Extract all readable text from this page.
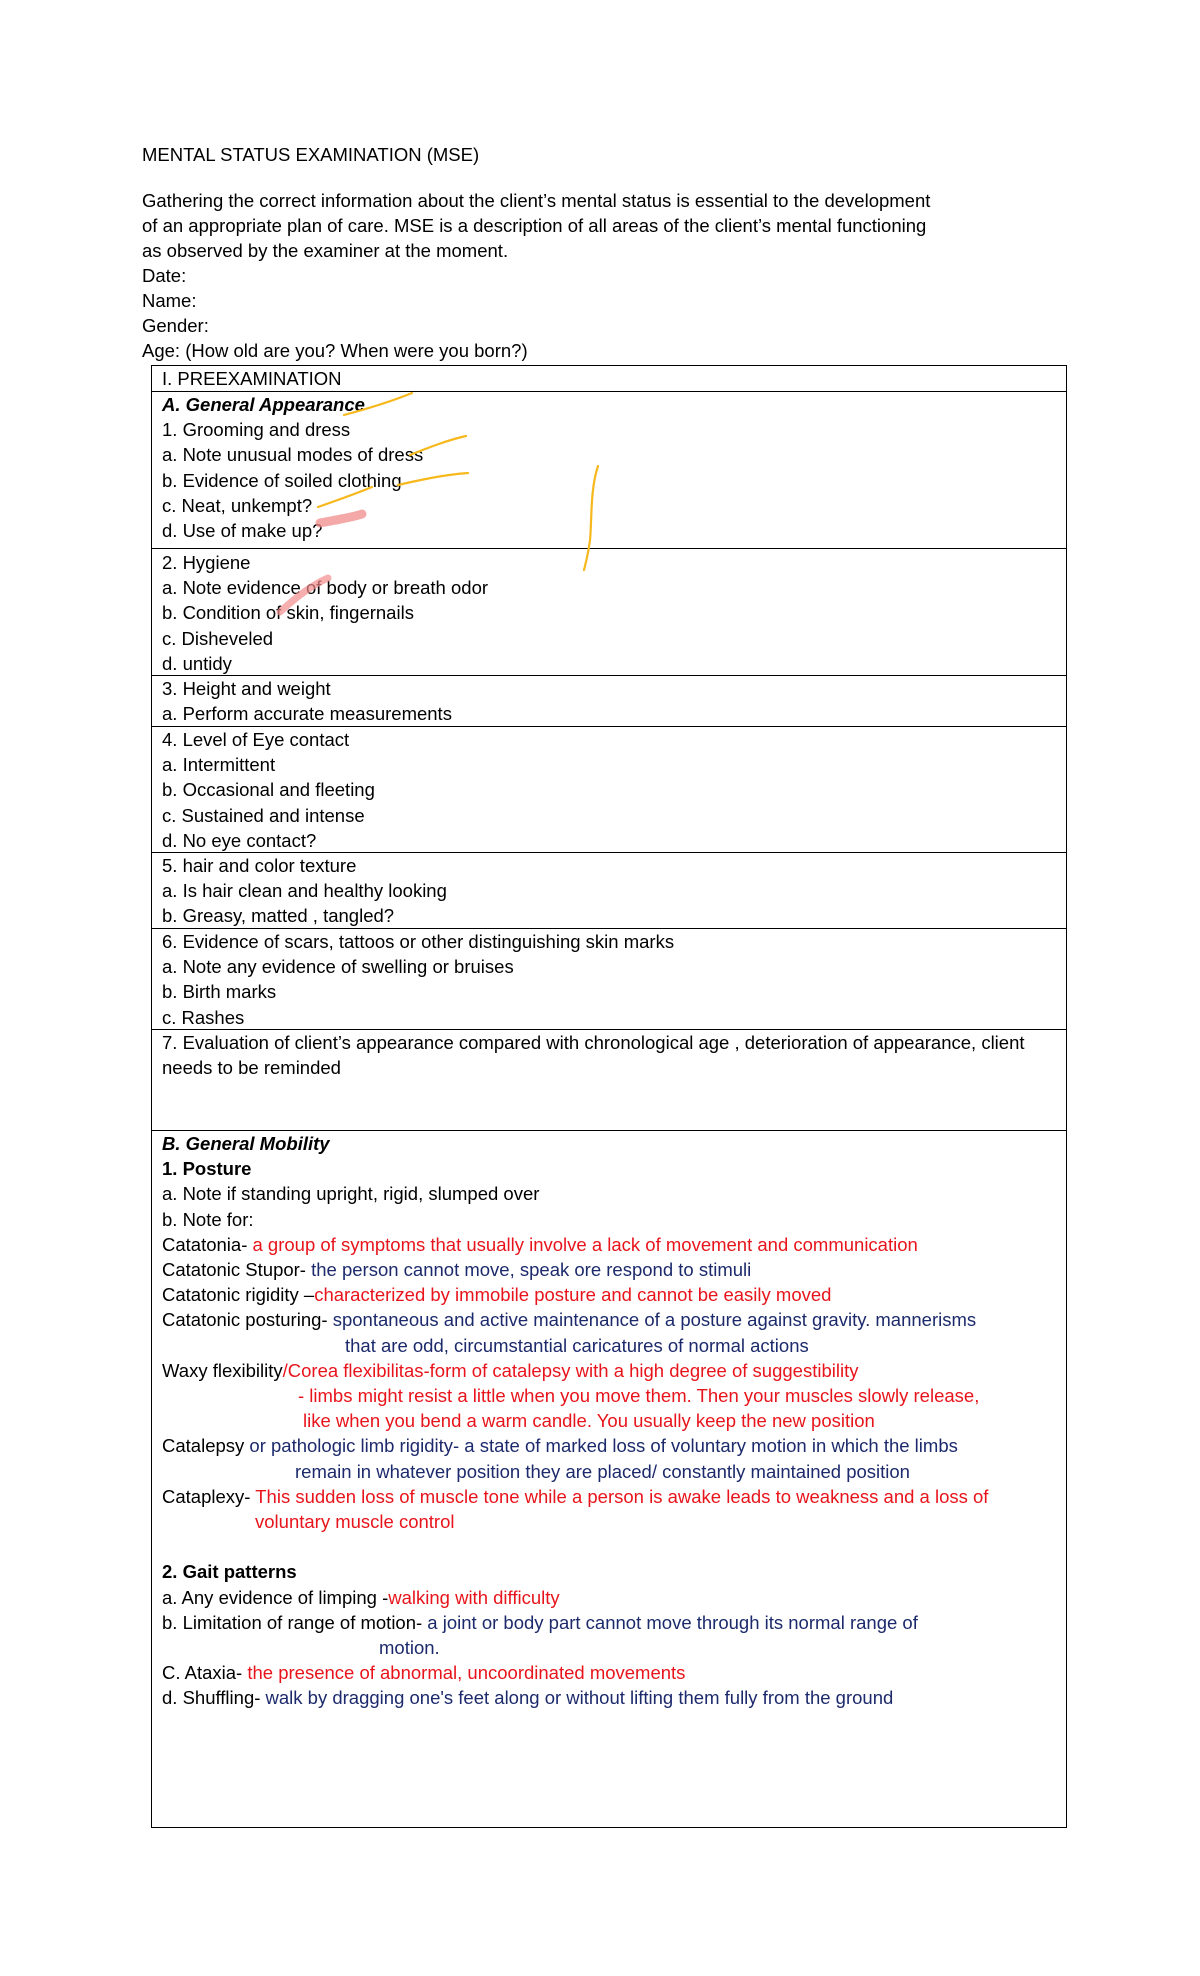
MENTAL STATUS EXAMINATION (MSE)
Gathering the correct information about the client’s mental status is essential to the development
of an appropriate plan of care. MSE is a description of all areas of the client’s mental functioning
as observed by the examiner at the moment.
Date:
Name:
Gender:
Age: (How old are you? When were you born?)
I. PREEXAMINATION
A. General Appearance
1. Grooming and dress
a. Note unusual modes of dress
b. Evidence of soiled clothing
c. Neat, unkempt?
d. Use of make up?
2. Hygiene
a. Note evidence of body or breath odor
b. Condition of skin, fingernails
c. Disheveled
d. untidy
3. Height and weight
a. Perform accurate measurements
4. Level of Eye contact
a. Intermittent
b. Occasional and fleeting
c. Sustained and intense
d. No eye contact?
5. hair and color texture
a. Is hair clean and healthy looking
b. Greasy, matted , tangled?
6. Evidence of scars, tattoos or other distinguishing skin marks
a. Note any evidence of swelling or bruises
b. Birth marks
c. Rashes
7. Evaluation of client’s appearance compared with chronological age , deterioration of appearance, client needs to be reminded
B. General Mobility
1. Posture
a. Note if standing upright, rigid, slumped over
b. Note for:
Catatonia- a group of symptoms that usually involve a lack of movement and communication
Catatonic Stupor- the person cannot move, speak ore respond to stimuli
Catatonic rigidity –characterized by immobile posture and cannot be easily moved
Catatonic posturing- spontaneous and active maintenance of a posture against gravity. mannerisms
that are odd, circumstantial caricatures of normal actions
Waxy flexibility/Corea flexibilitas-form of catalepsy with a high degree of suggestibility
- limbs might resist a little when you move them. Then your muscles slowly release,
like when you bend a warm candle. You usually keep the new position
Catalepsy or pathologic limb rigidity- a state of marked loss of voluntary motion in which the limbs
remain in whatever position they are placed/ constantly maintained position
Cataplexy- This sudden loss of muscle tone while a person is awake leads to weakness and a loss of
voluntary muscle control

2. Gait patterns
a. Any evidence of limping -walking with difficulty
b. Limitation of range of motion- a joint or body part cannot move through its normal range of
motion.
C. Ataxia- the presence of abnormal, uncoordinated movements
d. Shuffling- walk by dragging one's feet along or without lifting them fully from the ground
